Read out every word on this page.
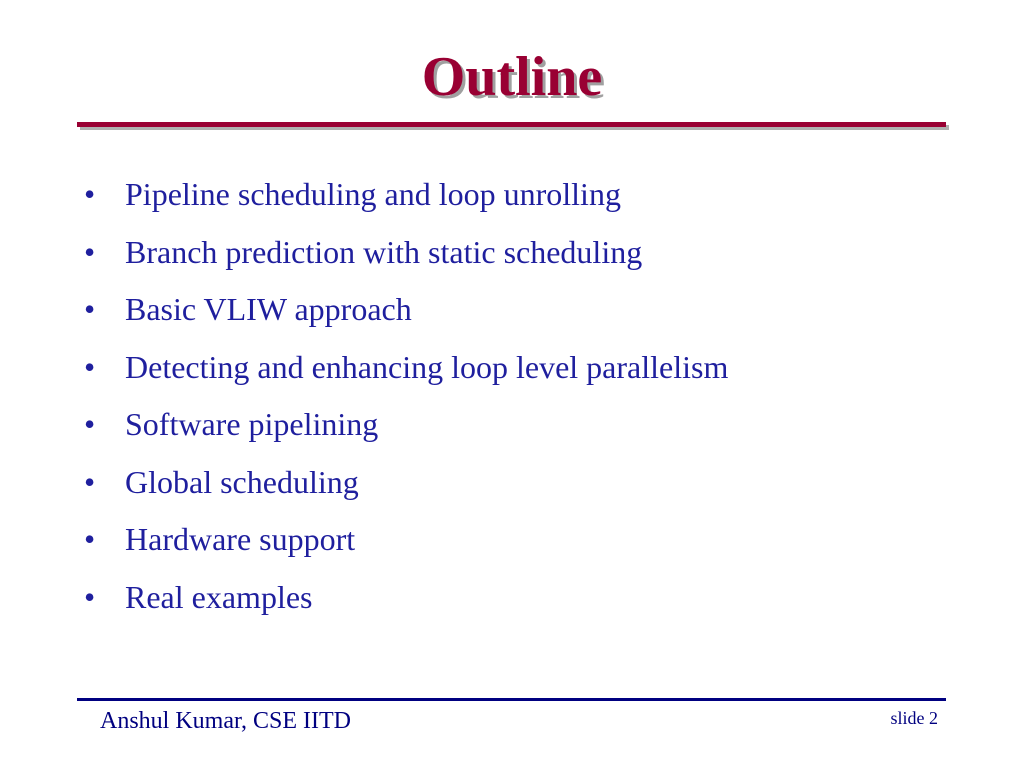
Outline
• Pipeline scheduling and loop unrolling
• Branch prediction with static scheduling
• Basic VLIW approach
• Detecting and enhancing loop level parallelism
• Software pipelining
• Global scheduling
• Hardware support
• Real examples
Anshul Kumar, CSE IITD	slide 2
